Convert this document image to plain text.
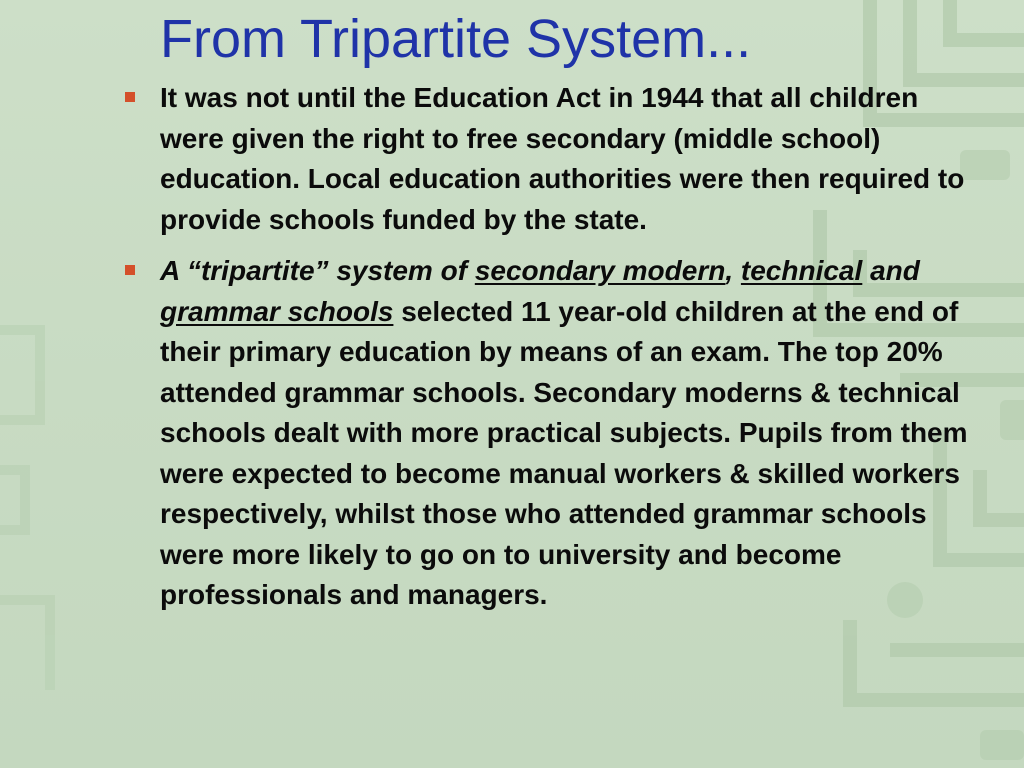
From Tripartite System...
It was not until the Education Act in 1944 that all children were given the right to free secondary (middle school) education. Local education authorities were then required to provide schools funded by the state.
A “tripartite” system of secondary modern, technical and grammar schools selected 11 year-old children at the end of their primary education by means of an exam. The top 20% attended grammar schools. Secondary moderns & technical schools dealt with more practical subjects. Pupils from them were expected to become manual workers & skilled workers respectively, whilst those who attended grammar schools were more likely to go on to university and become professionals and managers.
